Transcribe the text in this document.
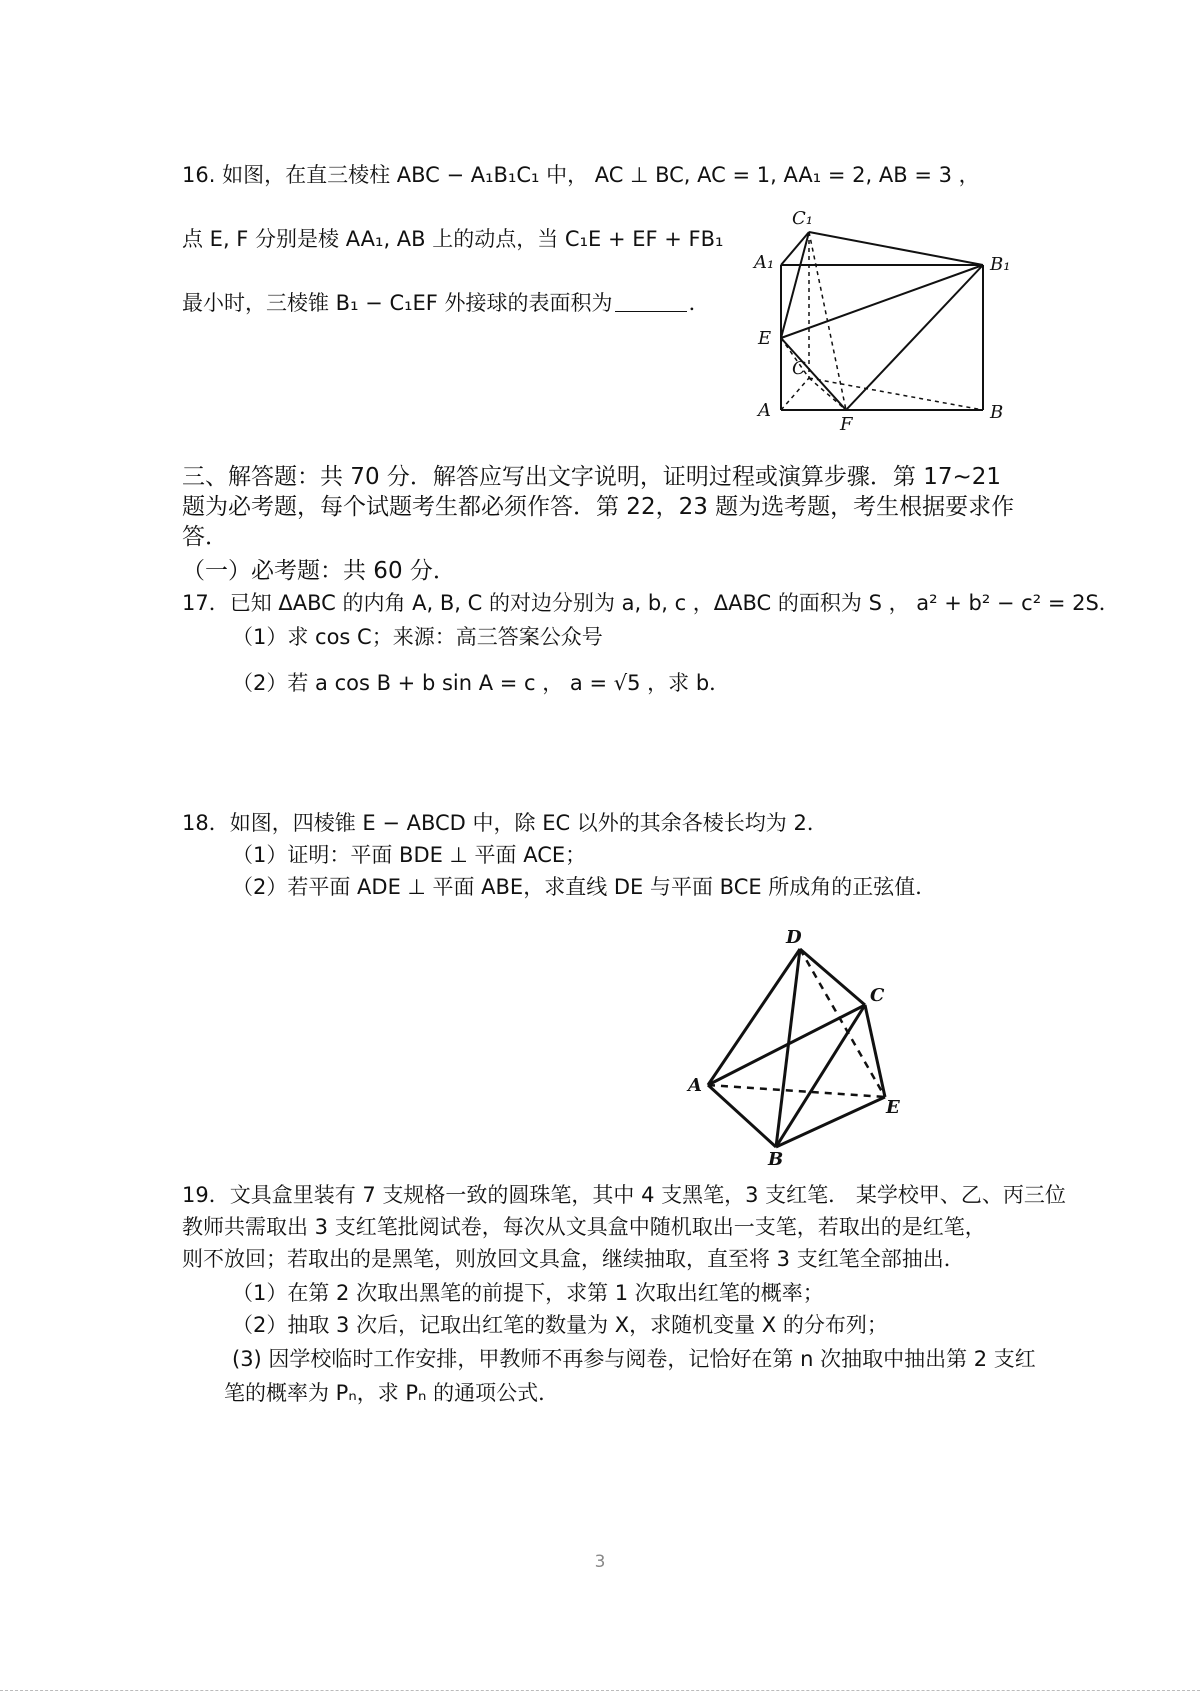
16. 如图，在直三棱柱 ABC − A₁B₁C₁ 中， AC ⊥ BC, AC = 1, AA₁ = 2, AB = 3 ，
点 E, F 分别是棱 AA₁, AB 上的动点，当 C₁E + EF + FB₁
最小时，三棱锥 B₁ − C₁EF 外接球的表面积为	．
C₁
A₁	B₁
E
C
A
F
B
三、解答题：共 70 分．解答应写出文字说明，证明过程或演算步骤．第 17~21
题为必考题，每个试题考生都必须作答．第 22，23 题为选考题，考生根据要求作
答．
（一）必考题：共 60 分．
17．已知 ΔABC 的内角 A, B, C 的对边分别为 a, b, c ，ΔABC 的面积为 S ， a² + b² − c² = 2S．
（1）求 cos C；来源：高三答案公众号
（2）若 a cos B + b sin A = c ， a = √5 ，求 b．
18．如图，四棱锥 E − ABCD 中，除 EC 以外的其余各棱长均为 2．
（1）证明：平面 BDE ⊥ 平面 ACE；
（2）若平面 ADE ⊥ 平面 ABE，求直线 DE 与平面 BCE 所成角的正弦值．
D
C
A
E
B
19．文具盒里装有 7 支规格一致的圆珠笔，其中 4 支黑笔，3 支红笔． 某学校甲、乙、丙三位
教师共需取出 3 支红笔批阅试卷，每次从文具盒中随机取出一支笔，若取出的是红笔，
则不放回；若取出的是黑笔，则放回文具盒，继续抽取，直至将 3 支红笔全部抽出．
（1）在第 2 次取出黑笔的前提下，求第 1 次取出红笔的概率；
（2）抽取 3 次后，记取出红笔的数量为 X，求随机变量 X 的分布列；
(3) 因学校临时工作安排，甲教师不再参与阅卷，记恰好在第 n 次抽取中抽出第 2 支红
笔的概率为 Pₙ，求 Pₙ 的通项公式．
3
